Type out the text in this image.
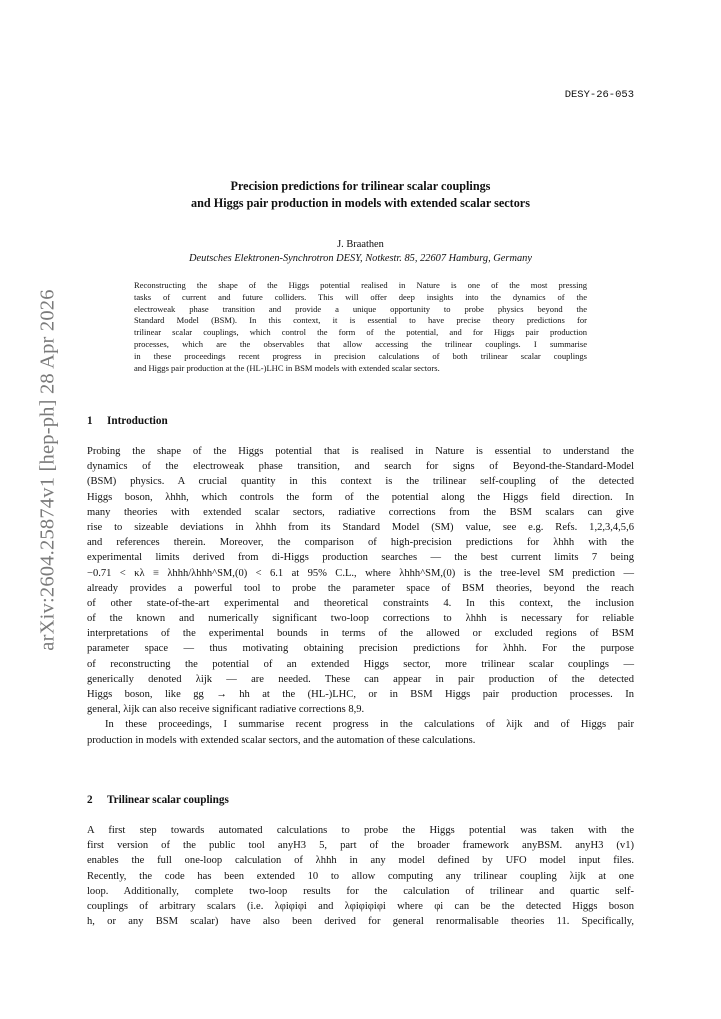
DESY-26-053
arXiv:2604.25874v1 [hep-ph] 28 Apr 2026
Precision predictions for trilinear scalar couplings
and Higgs pair production in models with extended scalar sectors
J. Braathen
Deutsches Elektronen-Synchrotron DESY, Notkestr. 85, 22607 Hamburg, Germany
Reconstructing the shape of the Higgs potential realised in Nature is one of the most pressing
tasks of current and future colliders. This will offer deep insights into the dynamics of the
electroweak phase transition and provide a unique opportunity to probe physics beyond the
Standard Model (BSM). In this context, it is essential to have precise theory predictions for
trilinear scalar couplings, which control the form of the potential, and for Higgs pair production
processes, which are the observables that allow accessing the trilinear couplings. I summarise
in these proceedings recent progress in precision calculations of both trilinear scalar couplings
and Higgs pair production at the (HL-)LHC in BSM models with extended scalar sectors.
1 Introduction
Probing the shape of the Higgs potential that is realised in Nature is essential to understand the
dynamics of the electroweak phase transition, and search for signs of Beyond-the-Standard-Model
(BSM) physics. A crucial quantity in this context is the trilinear self-coupling of the detected
Higgs boson, λhhh, which controls the form of the potential along the Higgs field direction. In
many theories with extended scalar sectors, radiative corrections from the BSM scalars can give
rise to sizeable deviations in λhhh from its Standard Model (SM) value, see e.g. Refs. 1,2,3,4,5,6
and references therein. Moreover, the comparison of high-precision predictions for λhhh with the
experimental limits derived from di-Higgs production searches — the best current limits 7 being
−0.71 < κλ ≡ λhhh/λhhh^SM,(0) < 6.1 at 95% C.L., where λhhh^SM,(0) is the tree-level SM prediction —
already provides a powerful tool to probe the parameter space of BSM theories, beyond the reach
of other state-of-the-art experimental and theoretical constraints 4. In this context, the inclusion
of the known and numerically significant two-loop corrections to λhhh is necessary for reliable
interpretations of the experimental bounds in terms of the allowed or excluded regions of BSM
parameter space — thus motivating obtaining precision predictions for λhhh. For the purpose
of reconstructing the potential of an extended Higgs sector, more trilinear scalar couplings —
generically denoted λijk — are needed. These can appear in pair production of the detected
Higgs boson, like gg → hh at the (HL-)LHC, or in BSM Higgs pair production processes. In
general, λijk can also receive significant radiative corrections 8,9.
In these proceedings, I summarise recent progress in the calculations of λijk and of Higgs pair
production in models with extended scalar sectors, and the automation of these calculations.
2 Trilinear scalar couplings
A first step towards automated calculations to probe the Higgs potential was taken with the
first version of the public tool anyH3 5, part of the broader framework anyBSM. anyH3 (v1)
enables the full one-loop calculation of λhhh in any model defined by UFO model input files.
Recently, the code has been extended 10 to allow computing any trilinear coupling λijk at one
loop. Additionally, complete two-loop results for the calculation of trilinear and quartic self-
couplings of arbitrary scalars (i.e. λφiφiφi and λφiφiφiφi where φi can be the detected Higgs boson
h, or any BSM scalar) have also been derived for general renormalisable theories 11. Specifically,
